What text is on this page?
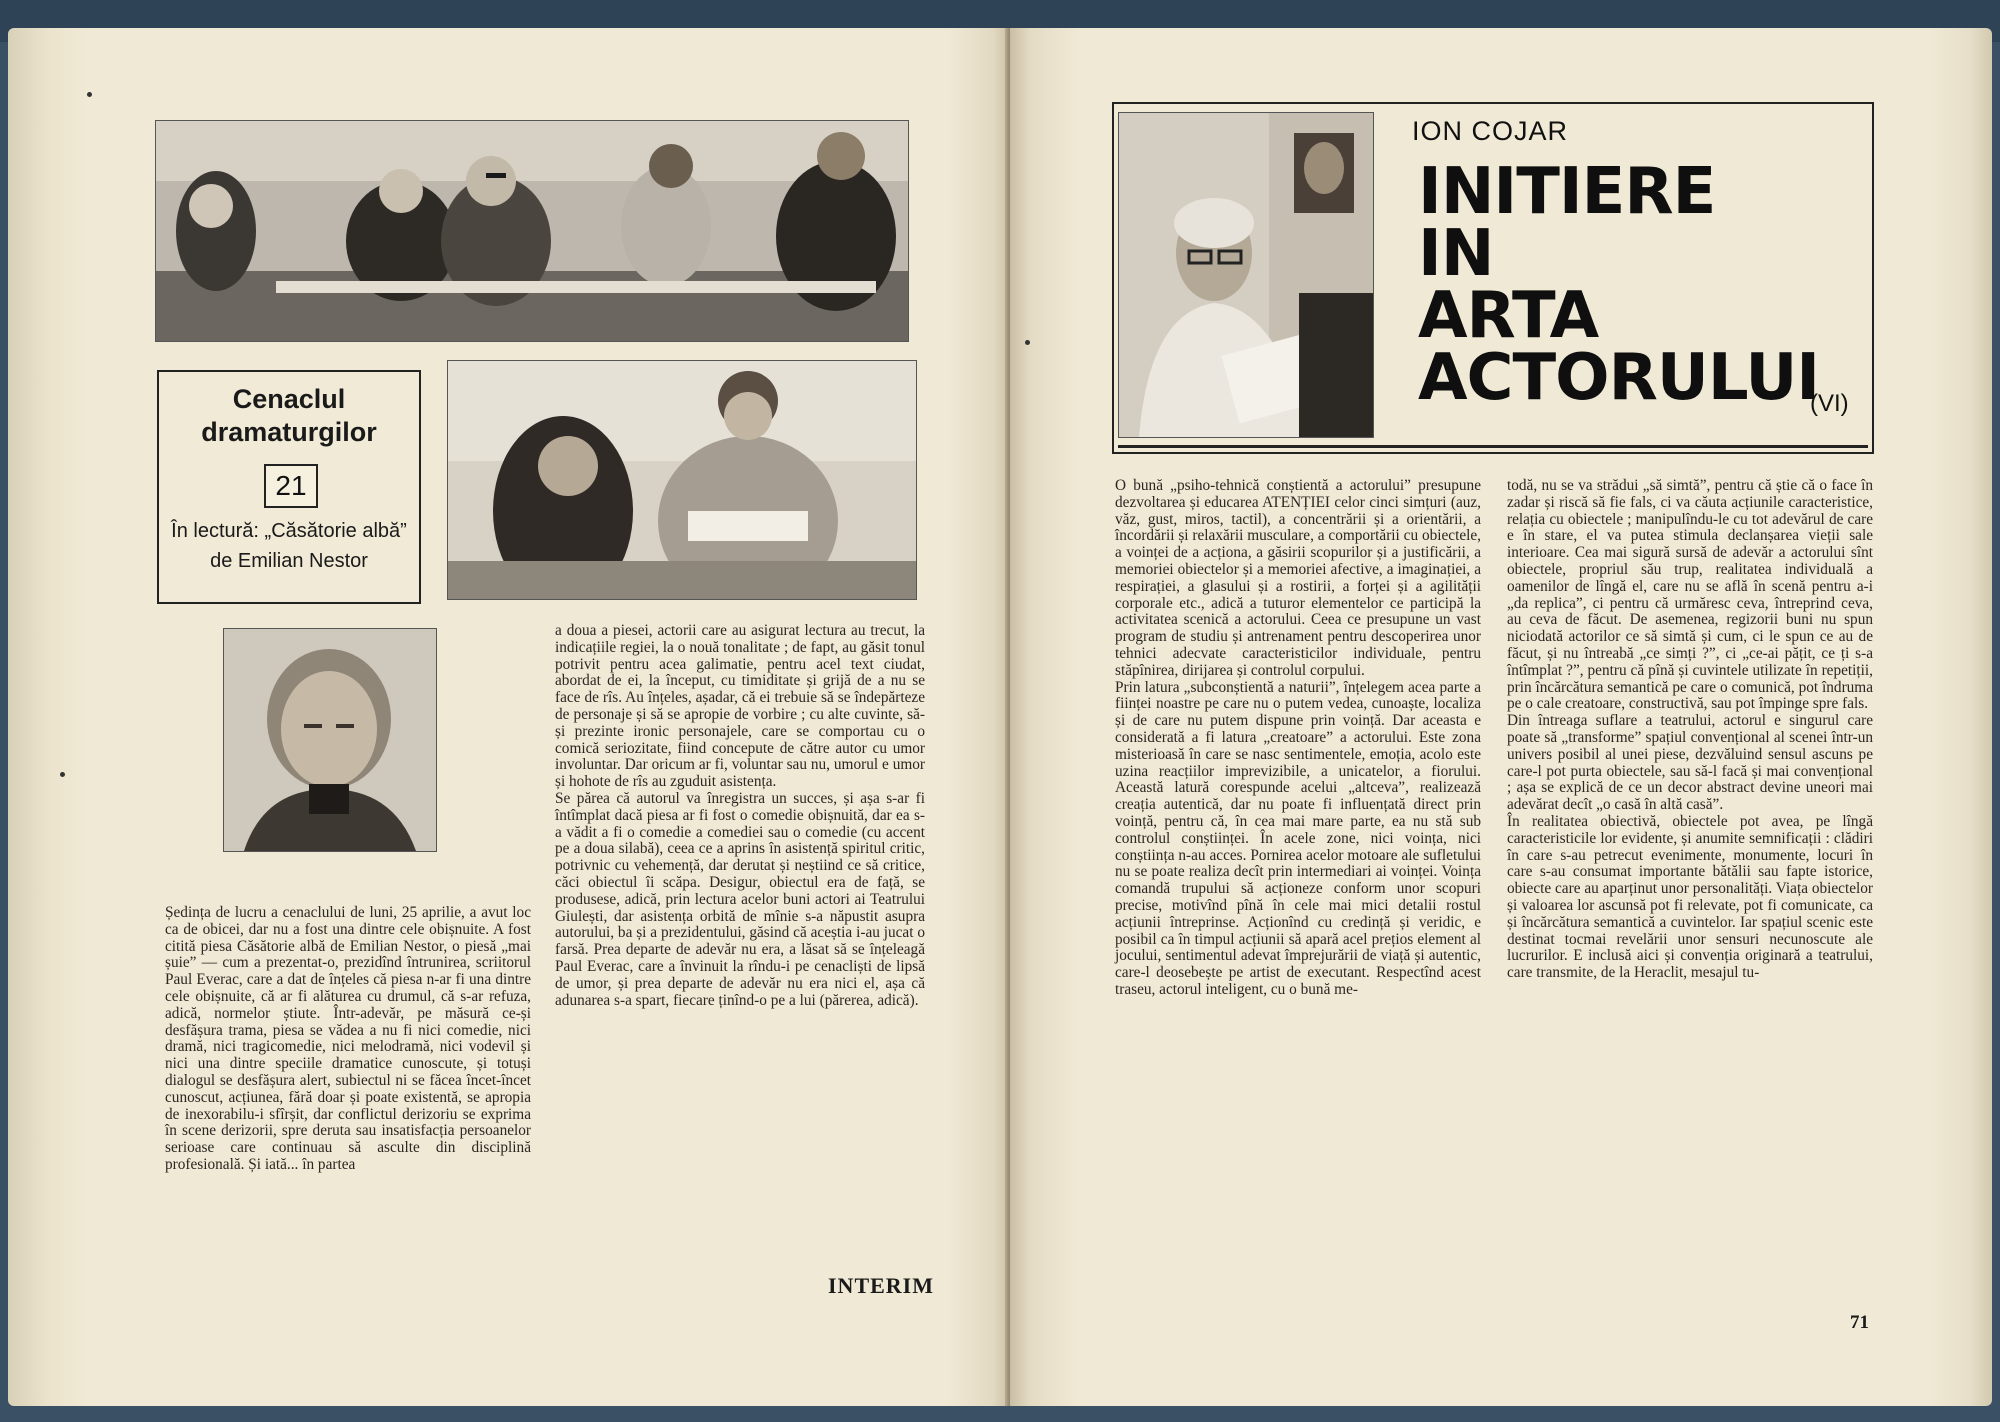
Cenaclul
dramaturgilor
21
În lectură: „Căsătorie albă”
de Emilian Nestor
Ședința de lucru a cenaclului de luni, 25 aprilie, a avut loc ca de obicei, dar nu a fost una dintre cele obișnuite. A fost citită piesa Căsătorie albă de Emilian Nestor, o piesă „mai șuie” — cum a prezentat-o, prezidînd întrunirea, scriitorul Paul Everac, care a dat de înțeles că piesa n-ar fi una dintre cele obișnuite, că ar fi alăturea cu drumul, că s-ar refuza, adică, normelor știute. Într-adevăr, pe măsură ce-și desfășura trama, piesa se vădea a nu fi nici comedie, nici dramă, nici tragicomedie, nici melodramă, nici vodevil și nici una dintre speciile dramatice cunoscute, și totuși dialogul se desfășura alert, subiectul ni se făcea încet-încet cunoscut, acțiunea, fără doar și poate existentă, se apropia de inexorabilu-i sfîrșit, dar conflictul derizoriu se exprima în scene derizorii, spre deruta sau insatisfacția persoanelor serioase care continuau să asculte din disciplină profesională. Și iată... în partea
a doua a piesei, actorii care au asigurat lectura au trecut, la indicațiile regiei, la o nouă tonalitate ; de fapt, au găsit tonul potrivit pentru acea galimatie, pentru acel text ciudat, abordat de ei, la început, cu timiditate și grijă de a nu se face de rîs. Au înțeles, așadar, că ei trebuie să se îndepărteze de personaje și să se apropie de vorbire ; cu alte cuvinte, să-și prezinte ironic personajele, care se comportau cu o comică seriozitate, fiind concepute de către autor cu umor involuntar. Dar oricum ar fi, voluntar sau nu, umorul e umor și hohote de rîs au zguduit asistența.
Se părea că autorul va înregistra un succes, și așa s-ar fi întîmplat dacă piesa ar fi fost o comedie obișnuită, dar ea s-a vădit a fi o comedie a comediei sau o comedie (cu accent pe a doua silabă), ceea ce a aprins în asistență spiritul critic, potrivnic cu vehemență, dar derutat și neștiind ce să critice, căci obiectul îi scăpa. Desigur, obiectul era de față, se produsese, adică, prin lectura acelor buni actori ai Teatrului Giulești, dar asistența orbită de mînie s-a năpustit asupra autorului, ba și a prezidentului, găsind că aceștia i-au jucat o farsă. Prea departe de adevăr nu era, a lăsat să se înțeleagă Paul Everac, care a învinuit la rîndu-i pe cenacliști de lipsă de umor, și prea departe de adevăr nu era nici el, așa că adunarea s-a spart, fiecare ținînd-o pe a lui (părerea, adică).
INTERIM
ION COJAR
INITIERE
IN
ARTA
ACTORULUI
(VI)
O bună „psiho-tehnică conștientă a actorului” presupune dezvoltarea și educarea ATENȚIEI celor cinci simțuri (auz, văz, gust, miros, tactil), a concentrării și a orientării, a încordării și relaxării musculare, a comportării cu obiectele, a voinței de a acționa, a găsirii scopurilor și a justificării, a memoriei obiectelor și a memoriei afective, a imaginației, a respirației, a glasului și a rostirii, a forței și a agilității corporale etc., adică a tuturor elementelor ce participă la activitatea scenică a actorului. Ceea ce presupune un vast program de studiu și antrenament pentru descoperirea unor tehnici adecvate caracteristicilor individuale, pentru stăpînirea, dirijarea și controlul corpului.
Prin latura „subconștientă a naturii”, înțelegem acea parte a ființei noastre pe care nu o putem vedea, cunoaște, localiza și de care nu putem dispune prin voință. Dar aceasta e considerată a fi latura „creatoare” a actorului. Este zona misterioasă în care se nasc sentimentele, emoția, acolo este uzina reacțiilor imprevizibile, a unicatelor, a fiorului. Această latură corespunde acelui „altceva”, realizează creația autentică, dar nu poate fi influențată direct prin voință, pentru că, în cea mai mare parte, ea nu stă sub controlul conștiinței. În acele zone, nici voința, nici conștiința n-au acces. Pornirea acelor motoare ale sufletului nu se poate realiza decît prin intermediari ai voinței. Voința comandă trupului să acționeze conform unor scopuri precise, motivînd pînă în cele mai mici detalii rostul acțiunii întreprinse. Acționînd cu credință și veridic, e posibil ca în timpul acțiunii să apară acel prețios element al jocului, sentimentul adevat împrejurării de viață și autentic, care-l deosebește pe artist de executant. Respectînd acest traseu, actorul inteligent, cu o bună me-
todă, nu se va strădui „să simtă”, pentru că știe că o face în zadar și riscă să fie fals, ci va căuta acțiunile caracteristice, relația cu obiectele ; manipulîndu-le cu tot adevărul de care e în stare, el va putea stimula declanșarea vieții sale interioare. Cea mai sigură sursă de adevăr a actorului sînt obiectele, propriul său trup, realitatea individuală a oamenilor de lîngă el, care nu se află în scenă pentru a-i „da replica”, ci pentru că urmăresc ceva, întreprind ceva, au ceva de făcut. De asemenea, regizorii buni nu spun niciodată actorilor ce să simtă și cum, ci le spun ce au de făcut, și nu întreabă „ce simți ?”, ci „ce-ai pățit, ce ți s-a întîmplat ?”, pentru că pînă și cuvintele utilizate în repetiții, prin încărcătura semantică pe care o comunică, pot îndruma pe o cale creatoare, constructivă, sau pot împinge spre fals.
Din întreaga suflare a teatrului, actorul e singurul care poate să „transforme” spațiul convențional al scenei într-un univers posibil al unei piese, dezvăluind sensul ascuns pe care-l pot purta obiectele, sau să-l facă și mai convențional ; așa se explică de ce un decor abstract devine uneori mai adevărat decît „o casă în altă casă”.
În realitatea obiectivă, obiectele pot avea, pe lîngă caracteristicile lor evidente, și anumite semnificații : clădiri în care s-au petrecut evenimente, monumente, locuri în care s-au consumat importante bătălii sau fapte istorice, obiecte care au aparținut unor personalități. Viața obiectelor și valoarea lor ascunsă pot fi relevate, pot fi comunicate, ca și încărcătura semantică a cuvintelor. Iar spațiul scenic este destinat tocmai revelării unor sensuri necunoscute ale lucrurilor. E inclusă aici și convenția originară a teatrului, care transmite, de la Heraclit, mesajul tu-
71
